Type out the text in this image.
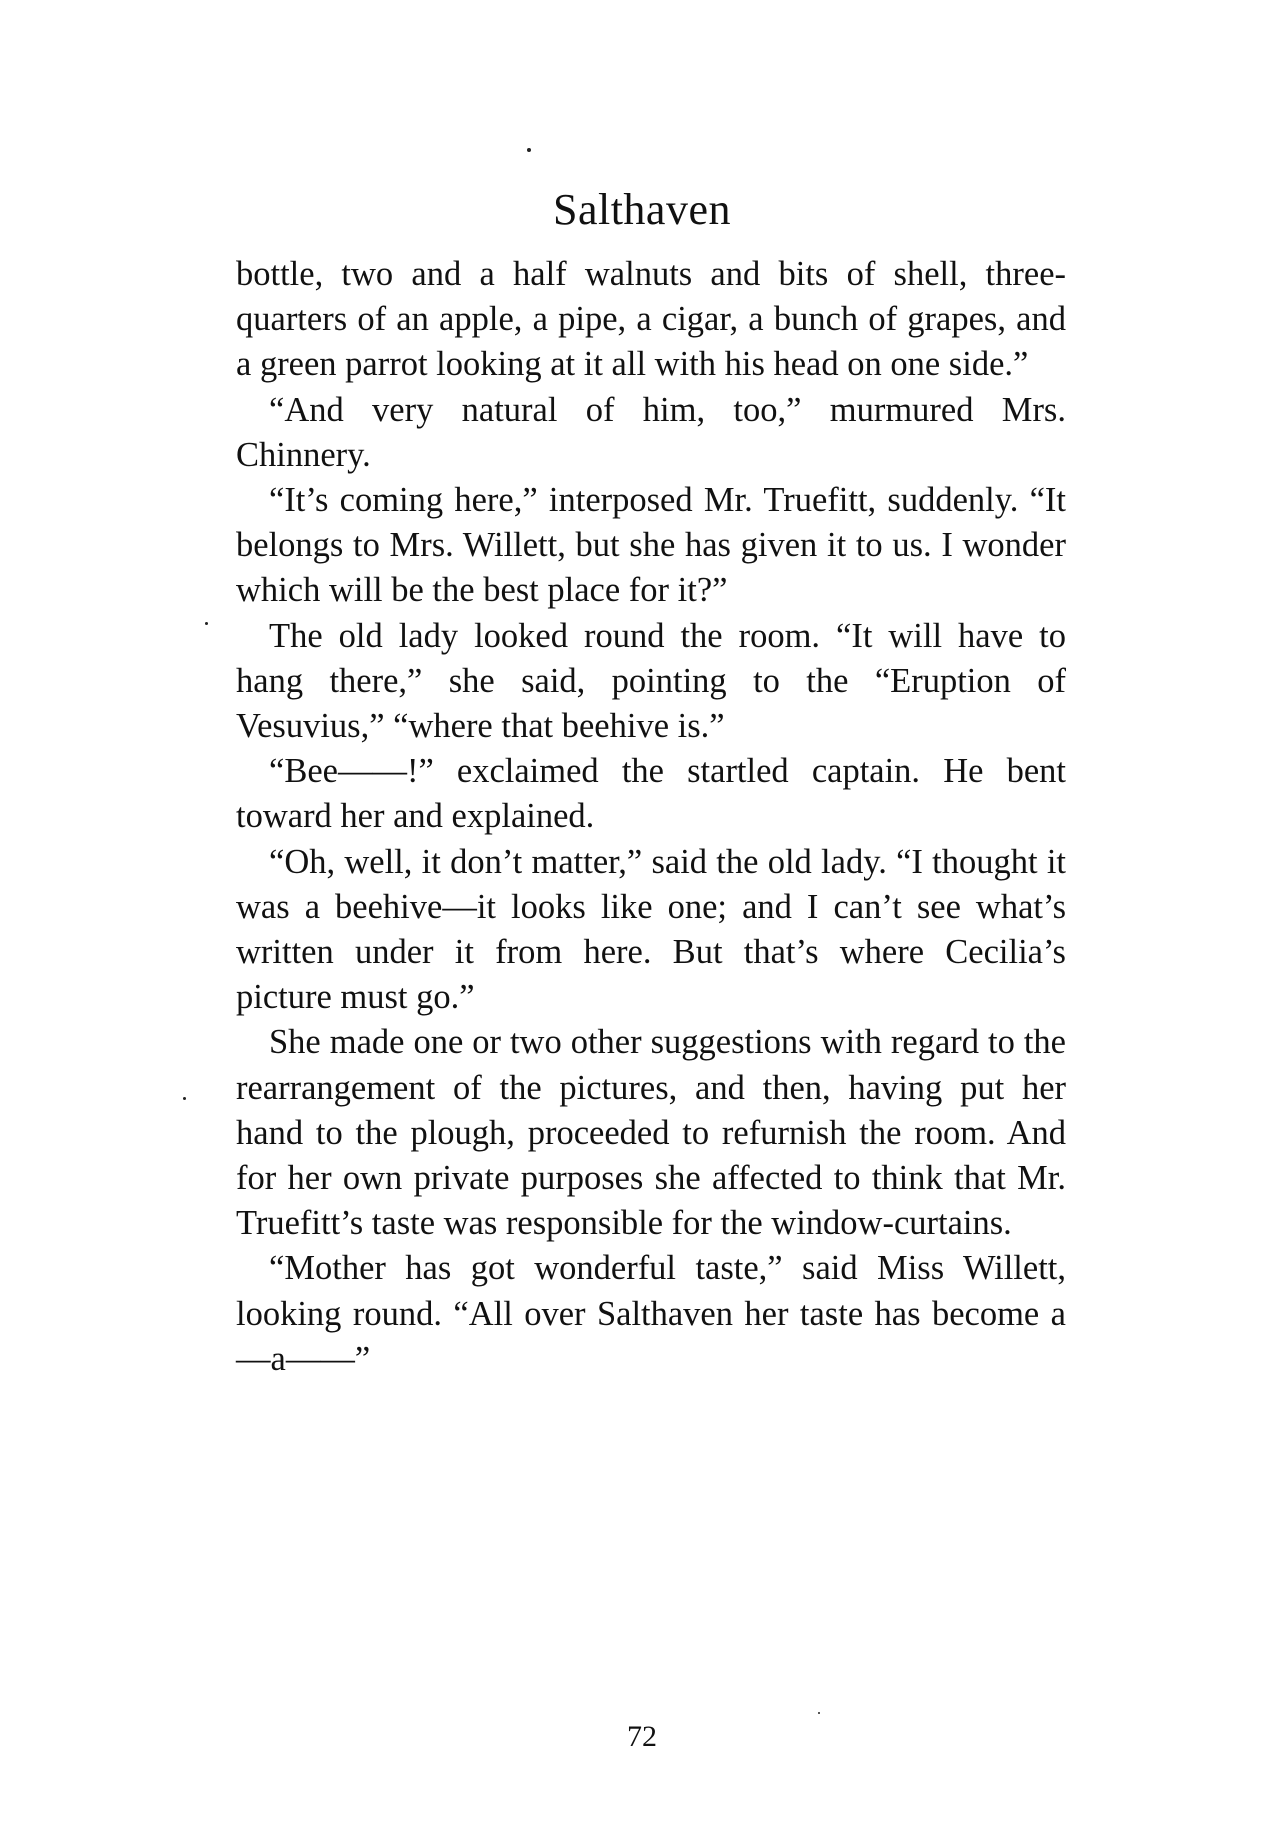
Salthaven

bottle, two and a half walnuts and bits of shell, three-quarters of an apple, a pipe, a cigar, a bunch of grapes, and a green parrot looking at it all with his head on one side.”

“And very natural of him, too,” murmured Mrs. Chinnery.

“It’s coming here,” interposed Mr. Truefitt, suddenly. “It belongs to Mrs. Willett, but she has given it to us. I wonder which will be the best place for it?”

The old lady looked round the room. “It will have to hang there,” she said, pointing to the “Eruption of Vesuvius,” “where that beehive is.”

“Bee——!” exclaimed the startled captain. He bent toward her and explained.

“Oh, well, it don’t matter,” said the old lady. “I thought it was a beehive—it looks like one; and I can’t see what’s written under it from here. But that’s where Cecilia’s picture must go.”

She made one or two other suggestions with regard to the rearrangement of the pictures, and then, having put her hand to the plough, proceeded to refurnish the room. And for her own private purposes she affected to think that Mr. Truefitt’s taste was responsible for the window-curtains.

“Mother has got wonderful taste,” said Miss Willett, looking round. “All over Salthaven her taste has become a—a——”

72
